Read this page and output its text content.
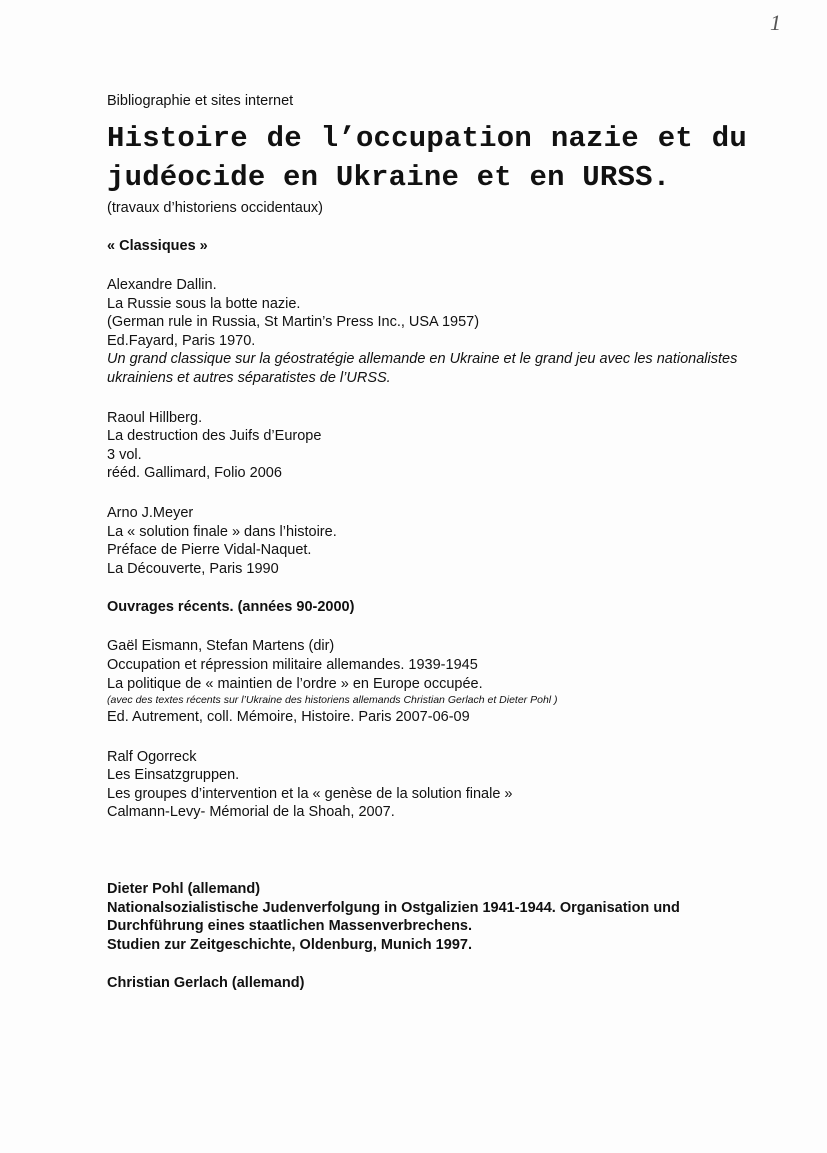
1

Bibliographie et sites internet

Histoire de l’occupation nazie et du judéocide en Ukraine et en URSS.

(travaux d’historiens occidentaux)

« Classiques »

Alexandre Dallin.
La Russie sous la botte nazie.
(German rule in Russia, St Martin’s Press Inc., USA 1957)
Ed.Fayard, Paris 1970.
Un grand classique sur la géostratégie allemande en Ukraine et le grand jeu avec les nationalistes ukrainiens et autres séparatistes de l’URSS.
Raoul Hillberg.
La destruction des Juifs d’Europe
3 vol.
rééd. Gallimard, Folio 2006
Arno J.Meyer
La « solution finale » dans l’histoire.
Préface de Pierre Vidal-Naquet.
La Découverte, Paris 1990

Ouvrages récents. (années 90-2000)

Gaël Eismann, Stefan Martens (dir)
Occupation et répression militaire allemandes. 1939-1945
La politique de « maintien de l’ordre » en Europe occupée.
(avec des textes récents sur l’Ukraine des historiens allemands Christian Gerlach et Dieter Pohl )
Ed. Autrement, coll. Mémoire, Histoire. Paris 2007-06-09
Ralf Ogorreck
Les Einsatzgruppen.
Les groupes d’intervention et la « genèse de la solution finale »
Calmann-Levy- Mémorial de la Shoah, 2007.
Dieter Pohl (allemand)
Nationalsozialistische Judenverfolgung in Ostgalizien 1941-1944. Organisation und Durchführung eines staatlichen Massenverbrechens.
Studien zur Zeitgeschichte, Oldenburg, Munich 1997.
Christian Gerlach (allemand)
